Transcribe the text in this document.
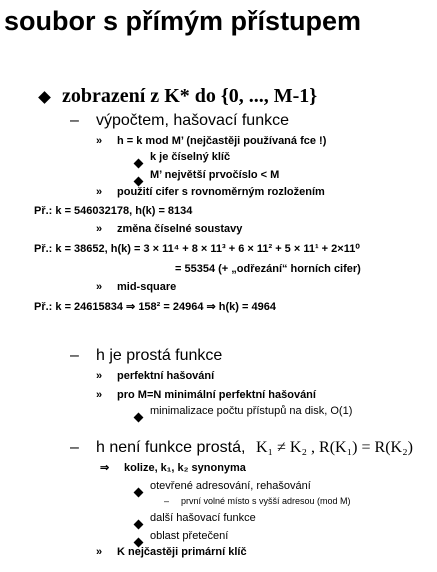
soubor s přímým přístupem
zobrazení z K* do {0, ..., M-1}
– výpočtem, hašovací funkce
» h = k mod M’ (nejčastěji používaná fce !)
k je číselný klíč
M’ největší prvočíslo < M
» použití cifer s rovnoměrným rozložením
Př.: k = 546032178, h(k) = 8134
» změna číselné soustavy
Př.: k = 38652, h(k) = 3 × 11⁴ + 8 × 11³ + 6 × 11² + 5 × 11¹ + 2×11⁰
= 55354 (+ „odřezání“ horních cifer)
» mid-square
Př.: k = 24615834 ⇒ 158² = 24964 ⇒ h(k) = 4964
– h je prostá funkce
» perfektní hašování
» pro M=N minimální perfektní hašování
minimalizace počtu přístupů na disk, O(1)
– h není funkce prostá, K₁ ≠ K₂ , R(K₁) = R(K₂)
⇒ kolize, k₁, k₂ synonyma
otevřené adresování, rehašování
– první volné místo s vyšší adresou (mod M)
další hašovací funkce
oblast přetečení
» K nejčastěji primární klíč
